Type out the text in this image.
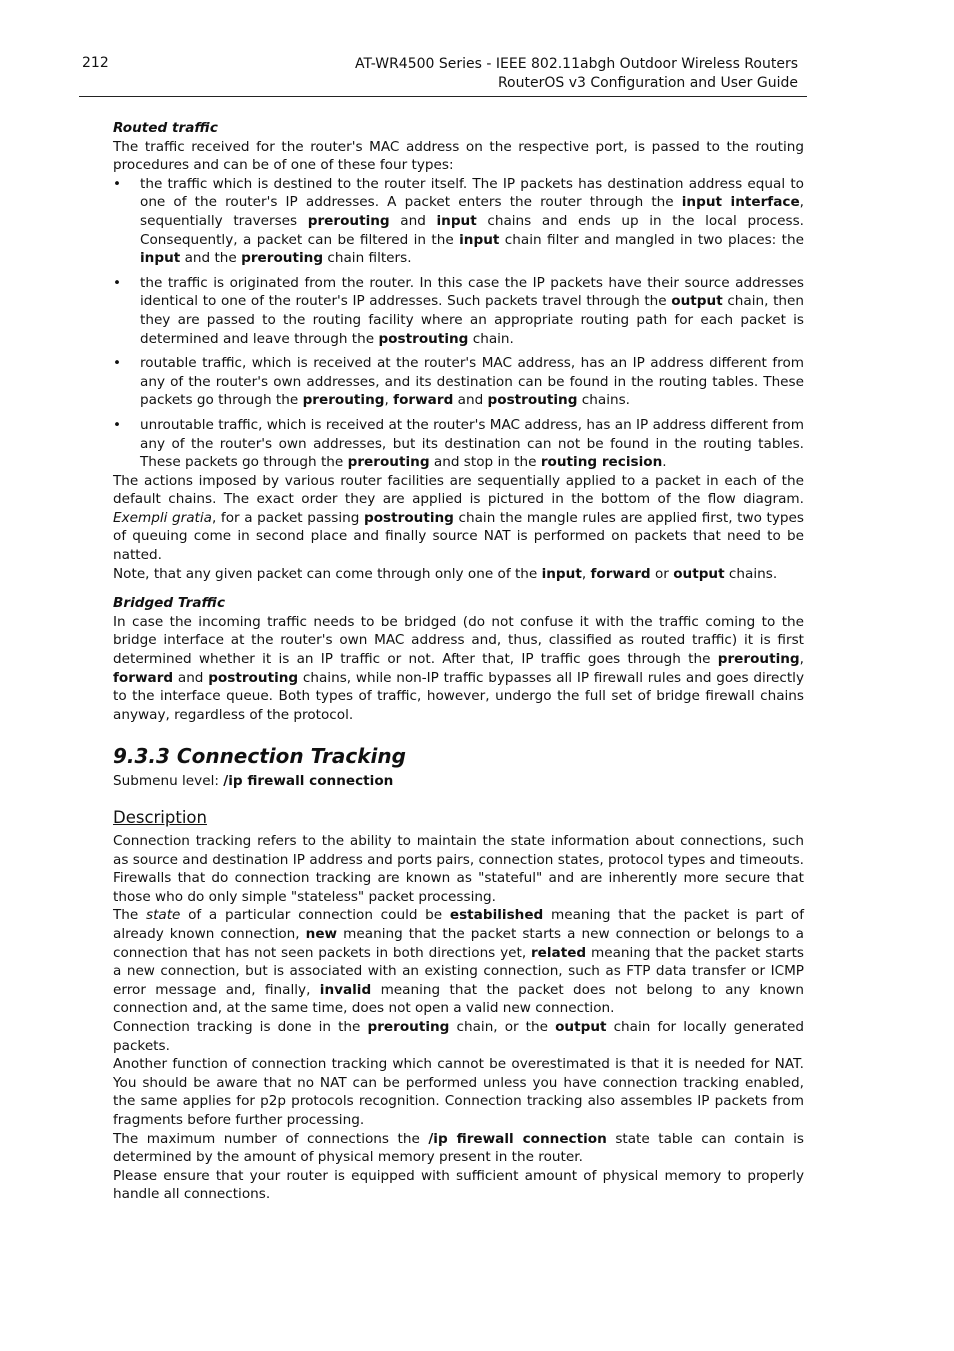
212	AT-WR4500 Series - IEEE 802.11abgh Outdoor Wireless Routers
RouterOS v3 Configuration and User Guide

Routed traffic

The traffic received for the router's MAC address on the respective port, is passed to the routing procedures and can be of one of these four types:

• the traffic which is destined to the router itself. The IP packets has destination address equal to one of the router's IP addresses. A packet enters the router through the input interface, sequentially traverses prerouting and input chains and ends up in the local process. Consequently, a packet can be filtered in the input chain filter and mangled in two places: the input and the prerouting chain filters.
• the traffic is originated from the router. In this case the IP packets have their source addresses identical to one of the router's IP addresses. Such packets travel through the output chain, then they are passed to the routing facility where an appropriate routing path for each packet is determined and leave through the postrouting chain.
• routable traffic, which is received at the router's MAC address, has an IP address different from any of the router's own addresses, and its destination can be found in the routing tables. These packets go through the prerouting, forward and postrouting chains.
• unroutable traffic, which is received at the router's MAC address, has an IP address different from any of the router's own addresses, but its destination can not be found in the routing tables. These packets go through the prerouting and stop in the routing recision.

The actions imposed by various router facilities are sequentially applied to a packet in each of the default chains. The exact order they are applied is pictured in the bottom of the flow diagram. Exempli gratia, for a packet passing postrouting chain the mangle rules are applied first, two types of queuing come in second place and finally source NAT is performed on packets that need to be natted.

Note, that any given packet can come through only one of the input, forward or output chains.

Bridged Traffic

In case the incoming traffic needs to be bridged (do not confuse it with the traffic coming to the bridge interface at the router's own MAC address and, thus, classified as routed traffic) it is first determined whether it is an IP traffic or not. After that, IP traffic goes through the prerouting, forward and postrouting chains, while non-IP traffic bypasses all IP firewall rules and goes directly to the interface queue. Both types of traffic, however, undergo the full set of bridge firewall chains anyway, regardless of the protocol.

9.3.3 Connection Tracking

Submenu level: /ip firewall connection

Description

Connection tracking refers to the ability to maintain the state information about connections, such as source and destination IP address and ports pairs, connection states, protocol types and timeouts. Firewalls that do connection tracking are known as "stateful" and are inherently more secure that those who do only simple "stateless" packet processing.

The state of a particular connection could be estabilished meaning that the packet is part of already known connection, new meaning that the packet starts a new connection or belongs to a connection that has not seen packets in both directions yet, related meaning that the packet starts a new connection, but is associated with an existing connection, such as FTP data transfer or ICMP error message and, finally, invalid meaning that the packet does not belong to any known connection and, at the same time, does not open a valid new connection.

Connection tracking is done in the prerouting chain, or the output chain for locally generated packets.

Another function of connection tracking which cannot be overestimated is that it is needed for NAT. You should be aware that no NAT can be performed unless you have connection tracking enabled, the same applies for p2p protocols recognition. Connection tracking also assembles IP packets from fragments before further processing.

The maximum number of connections the /ip firewall connection state table can contain is determined by the amount of physical memory present in the router.

Please ensure that your router is equipped with sufficient amount of physical memory to properly handle all connections.
